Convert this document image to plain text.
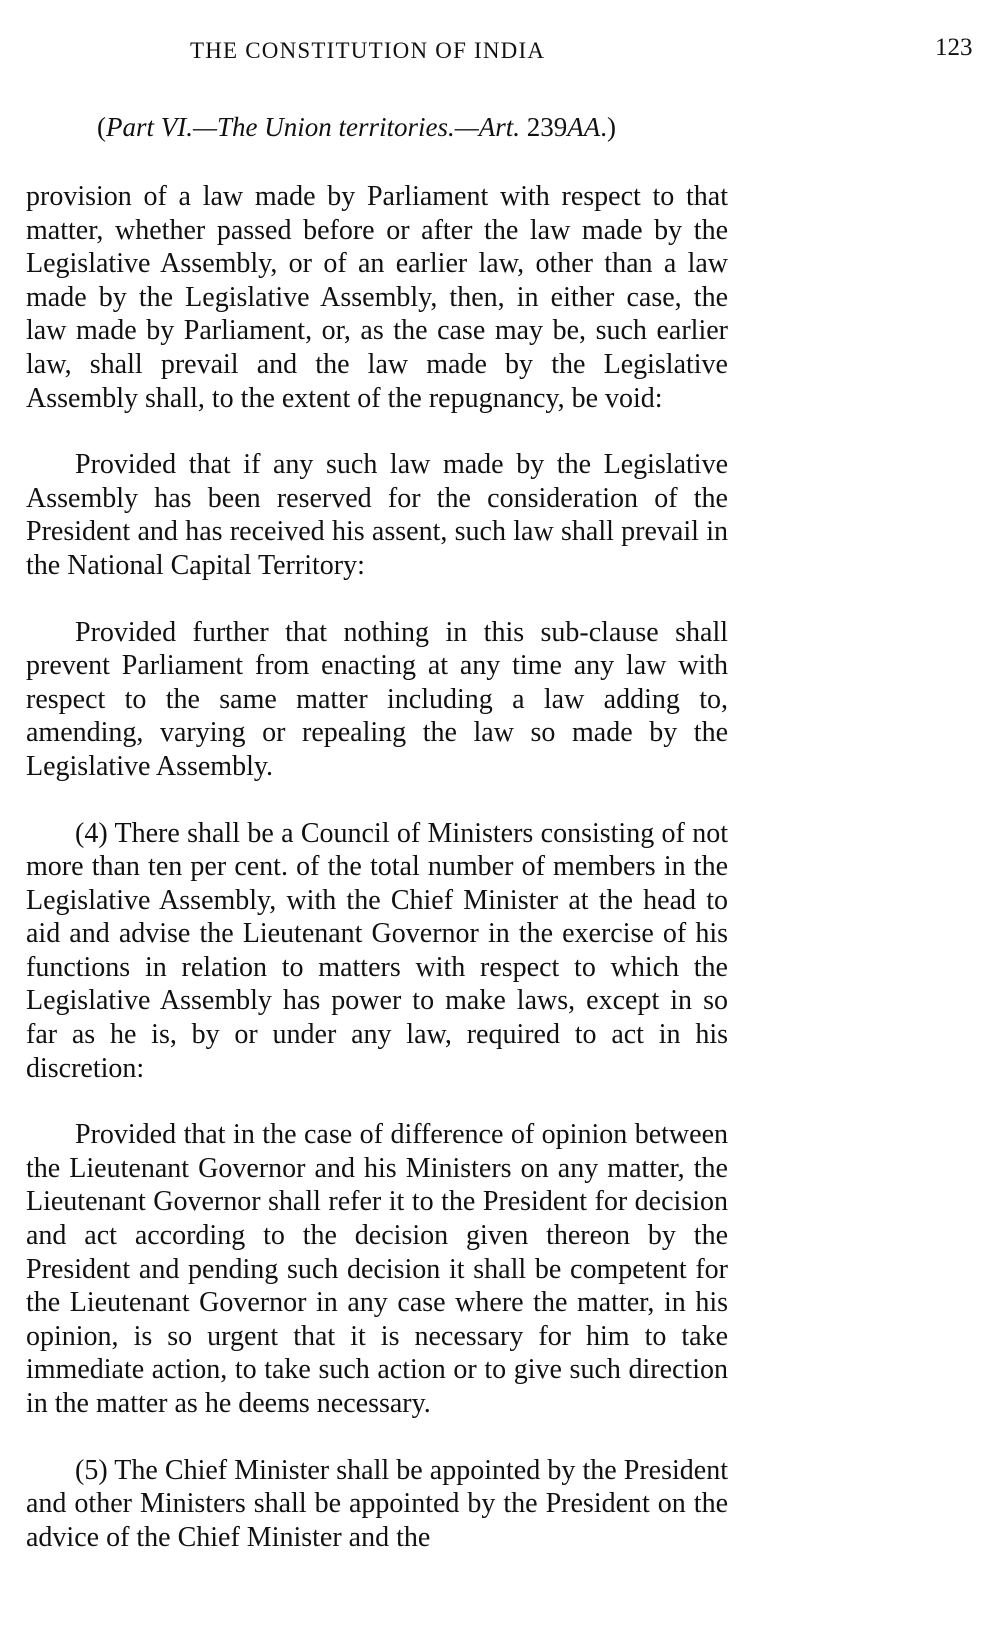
THE CONSTITUTION OF INDIA	123
(Part VI.—The Union territories.—Art. 239AA.)

provision of a law made by Parliament with respect to that matter, whether passed before or after the law made by the Legislative Assembly, or of an earlier law, other than a law made by the Legislative Assembly, then, in either case, the law made by Parliament, or, as the case may be, such earlier law, shall prevail and the law made by the Legislative Assembly shall, to the extent of the repugnancy, be void:

Provided that if any such law made by the Legislative Assembly has been reserved for the consideration of the President and has received his assent, such law shall prevail in the National Capital Territory:

Provided further that nothing in this sub-clause shall prevent Parliament from enacting at any time any law with respect to the same matter including a law adding to, amending, varying or repealing the law so made by the Legislative Assembly.

(4) There shall be a Council of Ministers consisting of not more than ten per cent. of the total number of members in the Legislative Assembly, with the Chief Minister at the head to aid and advise the Lieutenant Governor in the exercise of his functions in relation to matters with respect to which the Legislative Assembly has power to make laws, except in so far as he is, by or under any law, required to act in his discretion:

Provided that in the case of difference of opinion between the Lieutenant Governor and his Ministers on any matter, the Lieutenant Governor shall refer it to the President for decision and act according to the decision given thereon by the President and pending such decision it shall be competent for the Lieutenant Governor in any case where the matter, in his opinion, is so urgent that it is necessary for him to take immediate action, to take such action or to give such direction in the matter as he deems necessary.

(5) The Chief Minister shall be appointed by the President and other Ministers shall be appointed by the President on the advice of the Chief Minister and the
